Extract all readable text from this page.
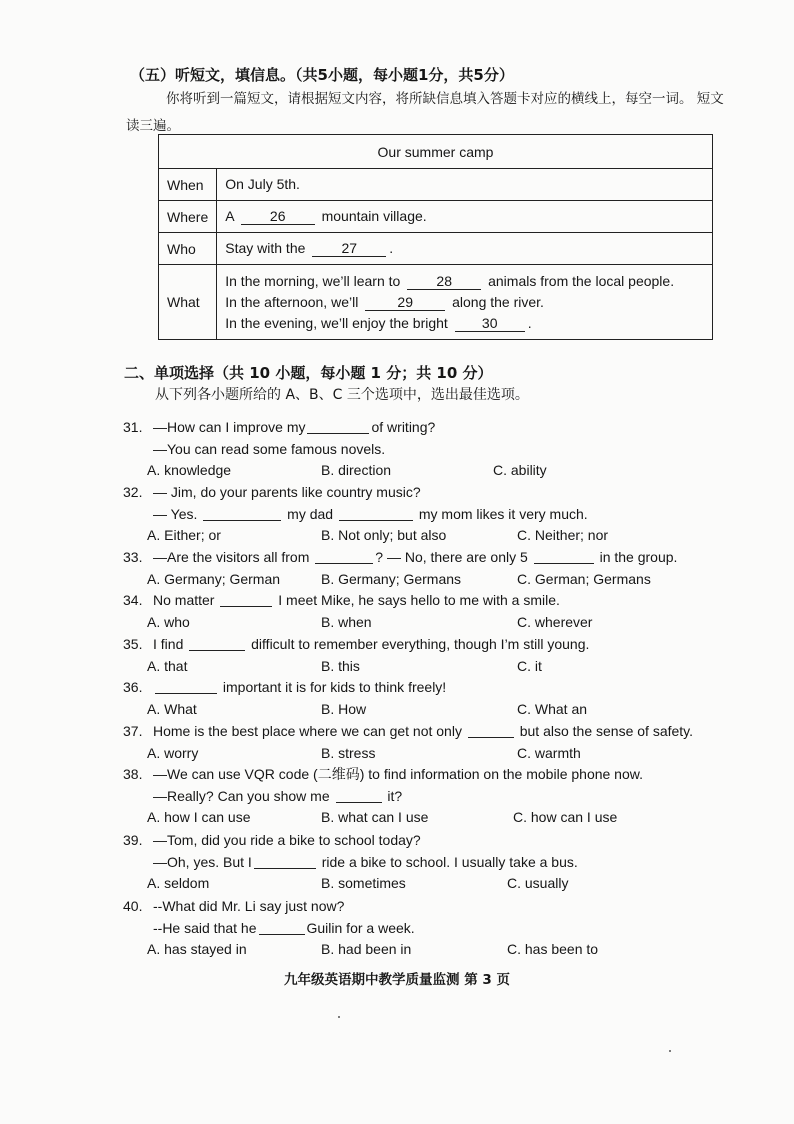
（五）听短文，填信息。（共5小题，每小题1分，共5分）
你将听到一篇短文，请根据短文内容，将所缺信息填入答题卡对应的横线上，每空一词。 短文读三遍。
Our summer camp	
When	On July 5th.
Where	A 26 mountain village.
Who	Stay with the 27 .
What	In the morning, we’ll learn to 28 animals from the local people.
In the afternoon, we’ll 29 along the river.
In the evening, we’ll enjoy the bright 30 .
二、单项选择（共 10 小题，每小题 1 分；共 10 分）
从下列各小题所给的 A、B、C 三个选项中，选出最佳选项。
31. —How can I improve my	of writing?
—You can read some famous novels.
A. knowledge	B. direction	C. ability
32. — Jim, do your parents like country music?
— Yes.	my dad	my mom likes it very much.
A. Either; or	B. Not only; but also	C. Neither; nor
33. —Are the visitors all from	? — No, there are only 5	in the group.
A. Germany; German	B. Germany; Germans	C. German; Germans
34. No matter	I meet Mike, he says hello to me with a smile.
A. who	B. when	C. wherever
35. I find	difficult to remember everything, though I’m still young.
A. that	B. this	C. it
36.	important it is for kids to think freely!
A. What	B. How	C. What an
37. Home is the best place where we can get not only	but also the sense of safety.
A. worry	B. stress	C. warmth
38. —We can use VQR code (二维码) to find information on the mobile phone now.
—Really? Can you show me	it?
A. how I can use	B. what can I use	C. how can I use
39. —Tom, did you ride a bike to school today?
—Oh, yes. But I	ride a bike to school. I usually take a bus.
A. seldom	B. sometimes	C. usually
40. --What did Mr. Li say just now?
--He said that he	Guilin for a week.
A. has stayed in	B. had been in	C. has been to
九年级英语期中教学质量监测 第 3 页
